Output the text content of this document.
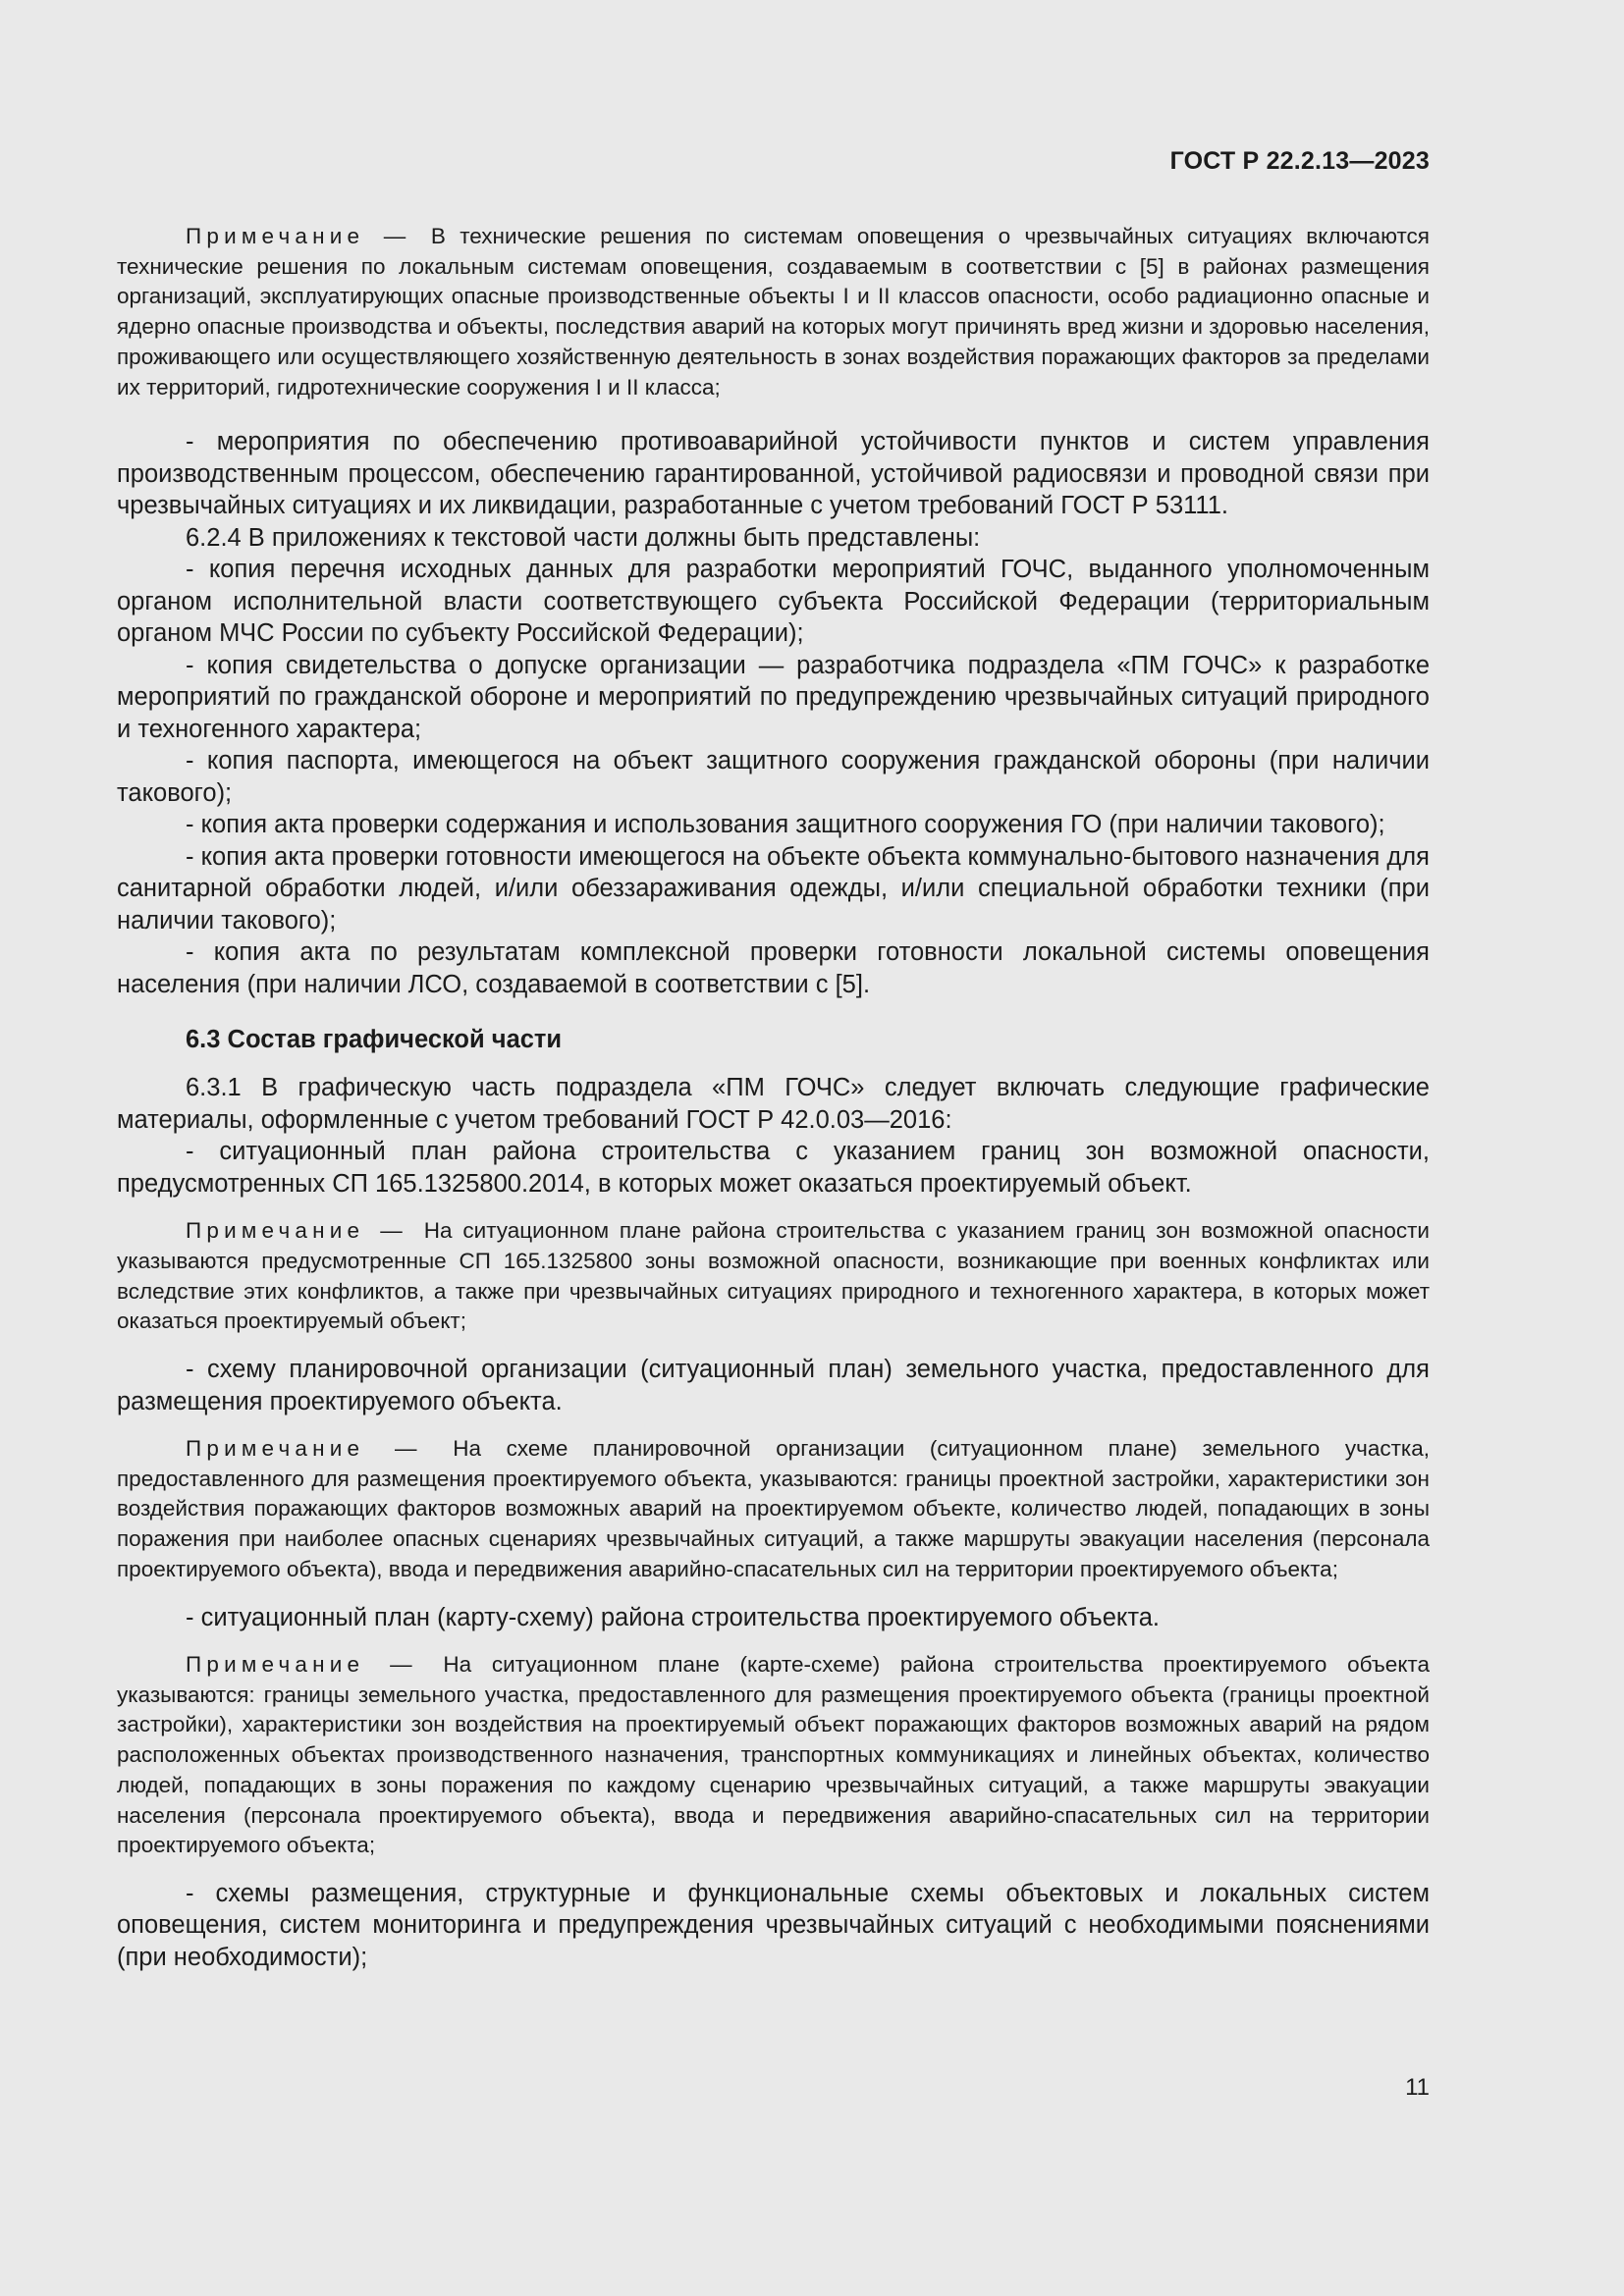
ГОСТ Р 22.2.13—2023

Примечание — В технические решения по системам оповещения о чрезвычайных ситуациях включаются технические решения по локальным системам оповещения, создаваемым в соответствии с [5] в районах размещения организаций, эксплуатирующих опасные производственные объекты I и II классов опасности, особо радиационно опасные и ядерно опасные производства и объекты, последствия аварий на которых могут причинять вред жизни и здоровью населения, проживающего или осуществляющего хозяйственную деятельность в зонах воздействия поражающих факторов за пределами их территорий, гидротехнические сооружения I и II класса;

- мероприятия по обеспечению противоаварийной устойчивости пунктов и систем управления производственным процессом, обеспечению гарантированной, устойчивой радиосвязи и проводной связи при чрезвычайных ситуациях и их ликвидации, разработанные с учетом требований ГОСТ Р 53111.

6.2.4 В приложениях к текстовой части должны быть представлены:

- копия перечня исходных данных для разработки мероприятий ГОЧС, выданного уполномоченным органом исполнительной власти соответствующего субъекта Российской Федерации (территориальным органом МЧС России по субъекту Российской Федерации);

- копия свидетельства о допуске организации — разработчика подраздела «ПМ ГОЧС» к разработке мероприятий по гражданской обороне и мероприятий по предупреждению чрезвычайных ситуаций природного и техногенного характера;

- копия паспорта, имеющегося на объект защитного сооружения гражданской обороны (при наличии такового);

- копия акта проверки содержания и использования защитного сооружения ГО (при наличии такового);

- копия акта проверки готовности имеющегося на объекте объекта коммунально-бытового назначения для санитарной обработки людей, и/или обеззараживания одежды, и/или специальной обработки техники (при наличии такового);

- копия акта по результатам комплексной проверки готовности локальной системы оповещения населения (при наличии ЛСО, создаваемой в соответствии с [5].

6.3 Состав графической части

6.3.1 В графическую часть подраздела «ПМ ГОЧС» следует включать следующие графические материалы, оформленные с учетом требований ГОСТ Р 42.0.03—2016:

- ситуационный план района строительства с указанием границ зон возможной опасности, предусмотренных СП 165.1325800.2014, в которых может оказаться проектируемый объект.

Примечание — На ситуационном плане района строительства с указанием границ зон возможной опасности указываются предусмотренные СП 165.1325800 зоны возможной опасности, возникающие при военных конфликтах или вследствие этих конфликтов, а также при чрезвычайных ситуациях природного и техногенного характера, в которых может оказаться проектируемый объект;

- схему планировочной организации (ситуационный план) земельного участка, предоставленного для размещения проектируемого объекта.

Примечание — На схеме планировочной организации (ситуационном плане) земельного участка, предоставленного для размещения проектируемого объекта, указываются: границы проектной застройки, характеристики зон воздействия поражающих факторов возможных аварий на проектируемом объекте, количество людей, попадающих в зоны поражения при наиболее опасных сценариях чрезвычайных ситуаций, а также маршруты эвакуации населения (персонала проектируемого объекта), ввода и передвижения аварийно-спасательных сил на территории проектируемого объекта;

- ситуационный план (карту-схему) района строительства проектируемого объекта.

Примечание — На ситуационном плане (карте-схеме) района строительства проектируемого объекта указываются: границы земельного участка, предоставленного для размещения проектируемого объекта (границы проектной застройки), характеристики зон воздействия на проектируемый объект поражающих факторов возможных аварий на рядом расположенных объектах производственного назначения, транспортных коммуникациях и линейных объектах, количество людей, попадающих в зоны поражения по каждому сценарию чрезвычайных ситуаций, а также маршруты эвакуации населения (персонала проектируемого объекта), ввода и передвижения аварийно-спасательных сил на территории проектируемого объекта;

- схемы размещения, структурные и функциональные схемы объектовых и локальных систем оповещения, систем мониторинга и предупреждения чрезвычайных ситуаций с необходимыми пояснениями (при необходимости);

11
